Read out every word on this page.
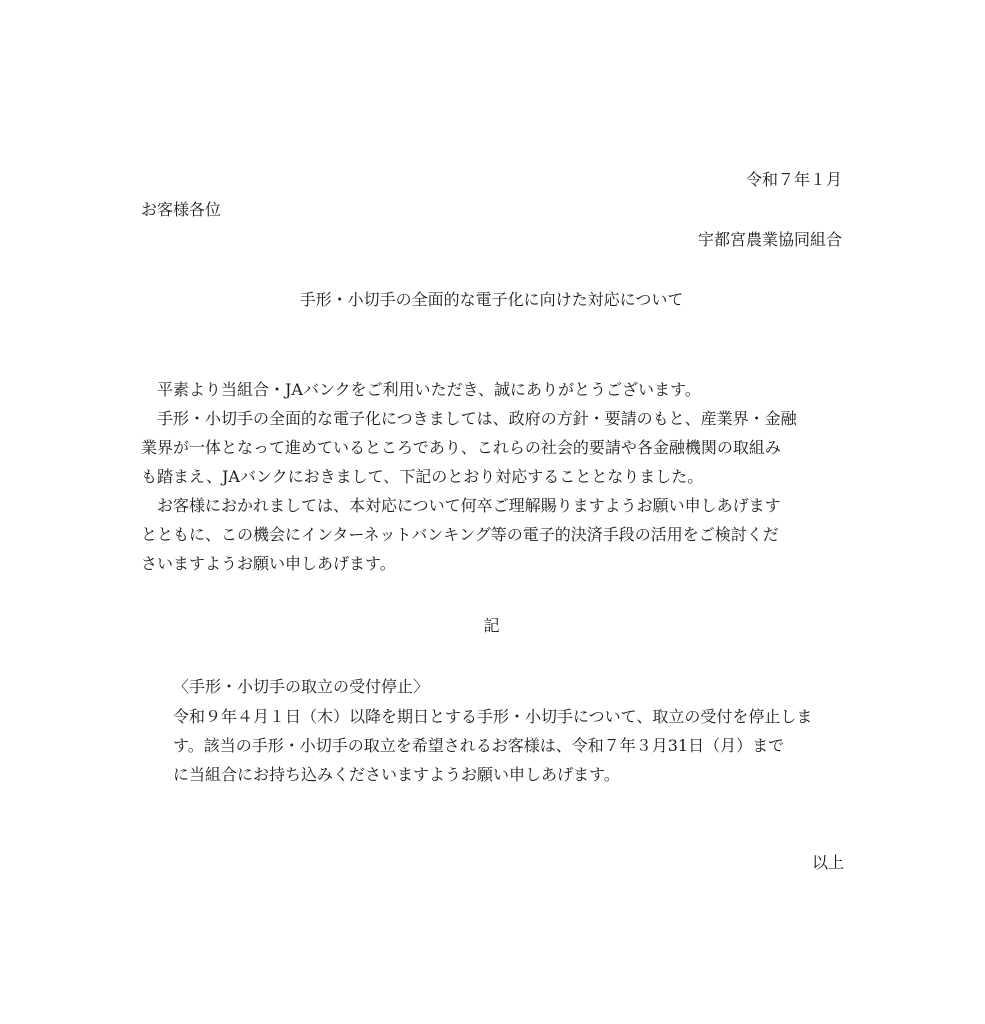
令和７年１月

お客様各位

宇都宮農業協同組合

手形・小切手の全面的な電子化に向けた対応について

平素より当組合・JAバンクをご利用いただき、誠にありがとうございます。

手形・小切手の全面的な電子化につきましては、政府の方針・要請のもと、産業界・金融

業界が一体となって進めているところであり、これらの社会的要請や各金融機関の取組み

も踏まえ、JAバンクにおきまして、下記のとおり対応することとなりました。

お客様におかれましては、本対応について何卒ご理解賜りますようお願い申しあげます

とともに、この機会にインターネットバンキング等の電子的決済手段の活用をご検討くだ

さいますようお願い申しあげます。

記

〈手形・小切手の取立の受付停止〉

令和９年４月１日（木）以降を期日とする手形・小切手について、取立の受付を停止しま

す。該当の手形・小切手の取立を希望されるお客様は、令和７年３月31日（月）まで

に当組合にお持ち込みくださいますようお願い申しあげます。

以上
